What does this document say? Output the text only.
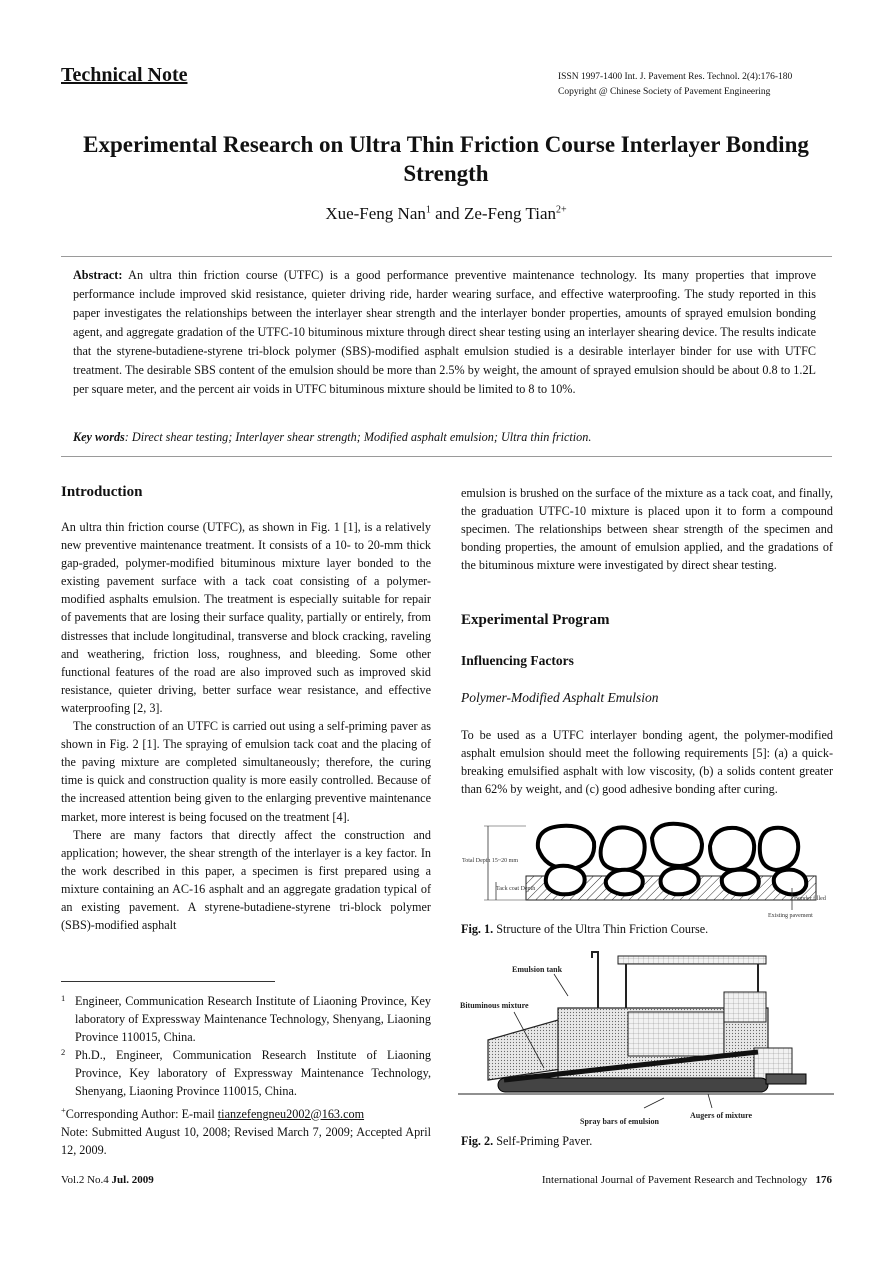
Technical Note	ISSN 1997-1400 Int. J. Pavement Res. Technol. 2(4):176-180
Copyright @ Chinese Society of Pavement Engineering
Experimental Research on Ultra Thin Friction Course Interlayer Bonding Strength
Xue-Feng Nan$^1$ and Ze-Feng Tian$^{2+}$
Abstract: An ultra thin friction course (UTFC) is a good performance preventive maintenance technology. Its many properties that improve performance include improved skid resistance, quieter driving ride, harder wearing surface, and effective waterproofing. The study reported in this paper investigates the relationships between the interlayer shear strength and the interlayer bonder properties, amounts of sprayed emulsion bonding agent, and aggregate gradation of the UTFC-10 bituminous mixture through direct shear testing using an interlayer shearing device. The results indicate that the styrene-butadiene-styrene tri-block polymer (SBS)-modified asphalt emulsion studied is a desirable interlayer binder for use with UTFC treatment. The desirable SBS content of the emulsion should be more than 2.5% by weight, the amount of sprayed emulsion should be about 0.8 to 1.2L per square meter, and the percent air voids in UTFC bituminous mixture should be limited to 8 to 10%.
Key words: Direct shear testing; Interlayer shear strength; Modified asphalt emulsion; Ultra thin friction.
Introduction

An ultra thin friction course (UTFC), as shown in Fig. 1 [1], is a relatively new preventive maintenance treatment. It consists of a 10- to 20-mm thick gap-graded, polymer-modified bituminous mixture layer bonded to the existing pavement surface with a tack coat consisting of a polymer-modified asphalts emulsion. The treatment is especially suitable for repair of pavements that are losing their surface quality, partially or entirely, from distresses that include longitudinal, transverse and block cracking, raveling and weathering, friction loss, roughness, and bleeding. Some other functional features of the road are also improved such as improved skid resistance, quieter driving, better surface wear resistance, and effective waterproofing [2, 3].

The construction of an UTFC is carried out using a self-priming paver as shown in Fig. 2 [1]. The spraying of emulsion tack coat and the placing of the paving mixture are completed simultaneously; therefore, the curing time is quick and construction quality is more easily controlled. Because of the increased attention being given to the enlarging preventive maintenance market, more interest is being focused on the treatment [4].

There are many factors that directly affect the construction and application; however, the shear strength of the interlayer is a key factor. In the work described in this paper, a specimen is first prepared using a mixture containing an AC-16 asphalt and an aggregate gradation typical of an existing pavement. A styrene-butadiene-styrene tri-block polymer (SBS)-modified asphalt

1 Engineer, Communication Research Institute of Liaoning Province, Key laboratory of Expressway Maintenance Technology, Shenyang, Liaoning Province 110015, China.
2 Ph.D., Engineer, Communication Research Institute of Liaoning Province, Key laboratory of Expressway Maintenance Technology, Shenyang, Liaoning Province 110015, China.
+Corresponding Author: E-mail tianzefengneu2002@163.com
Note: Submitted August 10, 2008; Revised March 7, 2009; Accepted April 12, 2009.

emulsion is brushed on the surface of the mixture as a tack coat, and finally, the graduation UTFC-10 mixture is placed upon it to form a compound specimen. The relationships between shear strength of the specimen and bonding properties, the amount of emulsion applied, and the gradations of the bituminous mixture were investigated by direct shear testing.

Experimental Program
Influencing Factors
Polymer-Modified Asphalt Emulsion

To be used as a UTFC interlayer bonding agent, the polymer-modified asphalt emulsion should meet the following requirements [5]: (a) a quick-breaking emulsified asphalt with low viscosity, (b) a solids content greater than 62% by weight, and (c) good adhesive bonding after curing.

Total Depth 15~20 mm
Tack coat Depth
Bonder filled
Existing pavement
Fig. 1. Structure of the Ultra Thin Friction Course.
Emulsion tank
Bituminous mixture
Augers of mixture
Spray bars of emulsion
Fig. 2. Self-Priming Paver.
Vol.2 No.4 Jul. 2009	International Journal of Pavement Research and Technology 176
